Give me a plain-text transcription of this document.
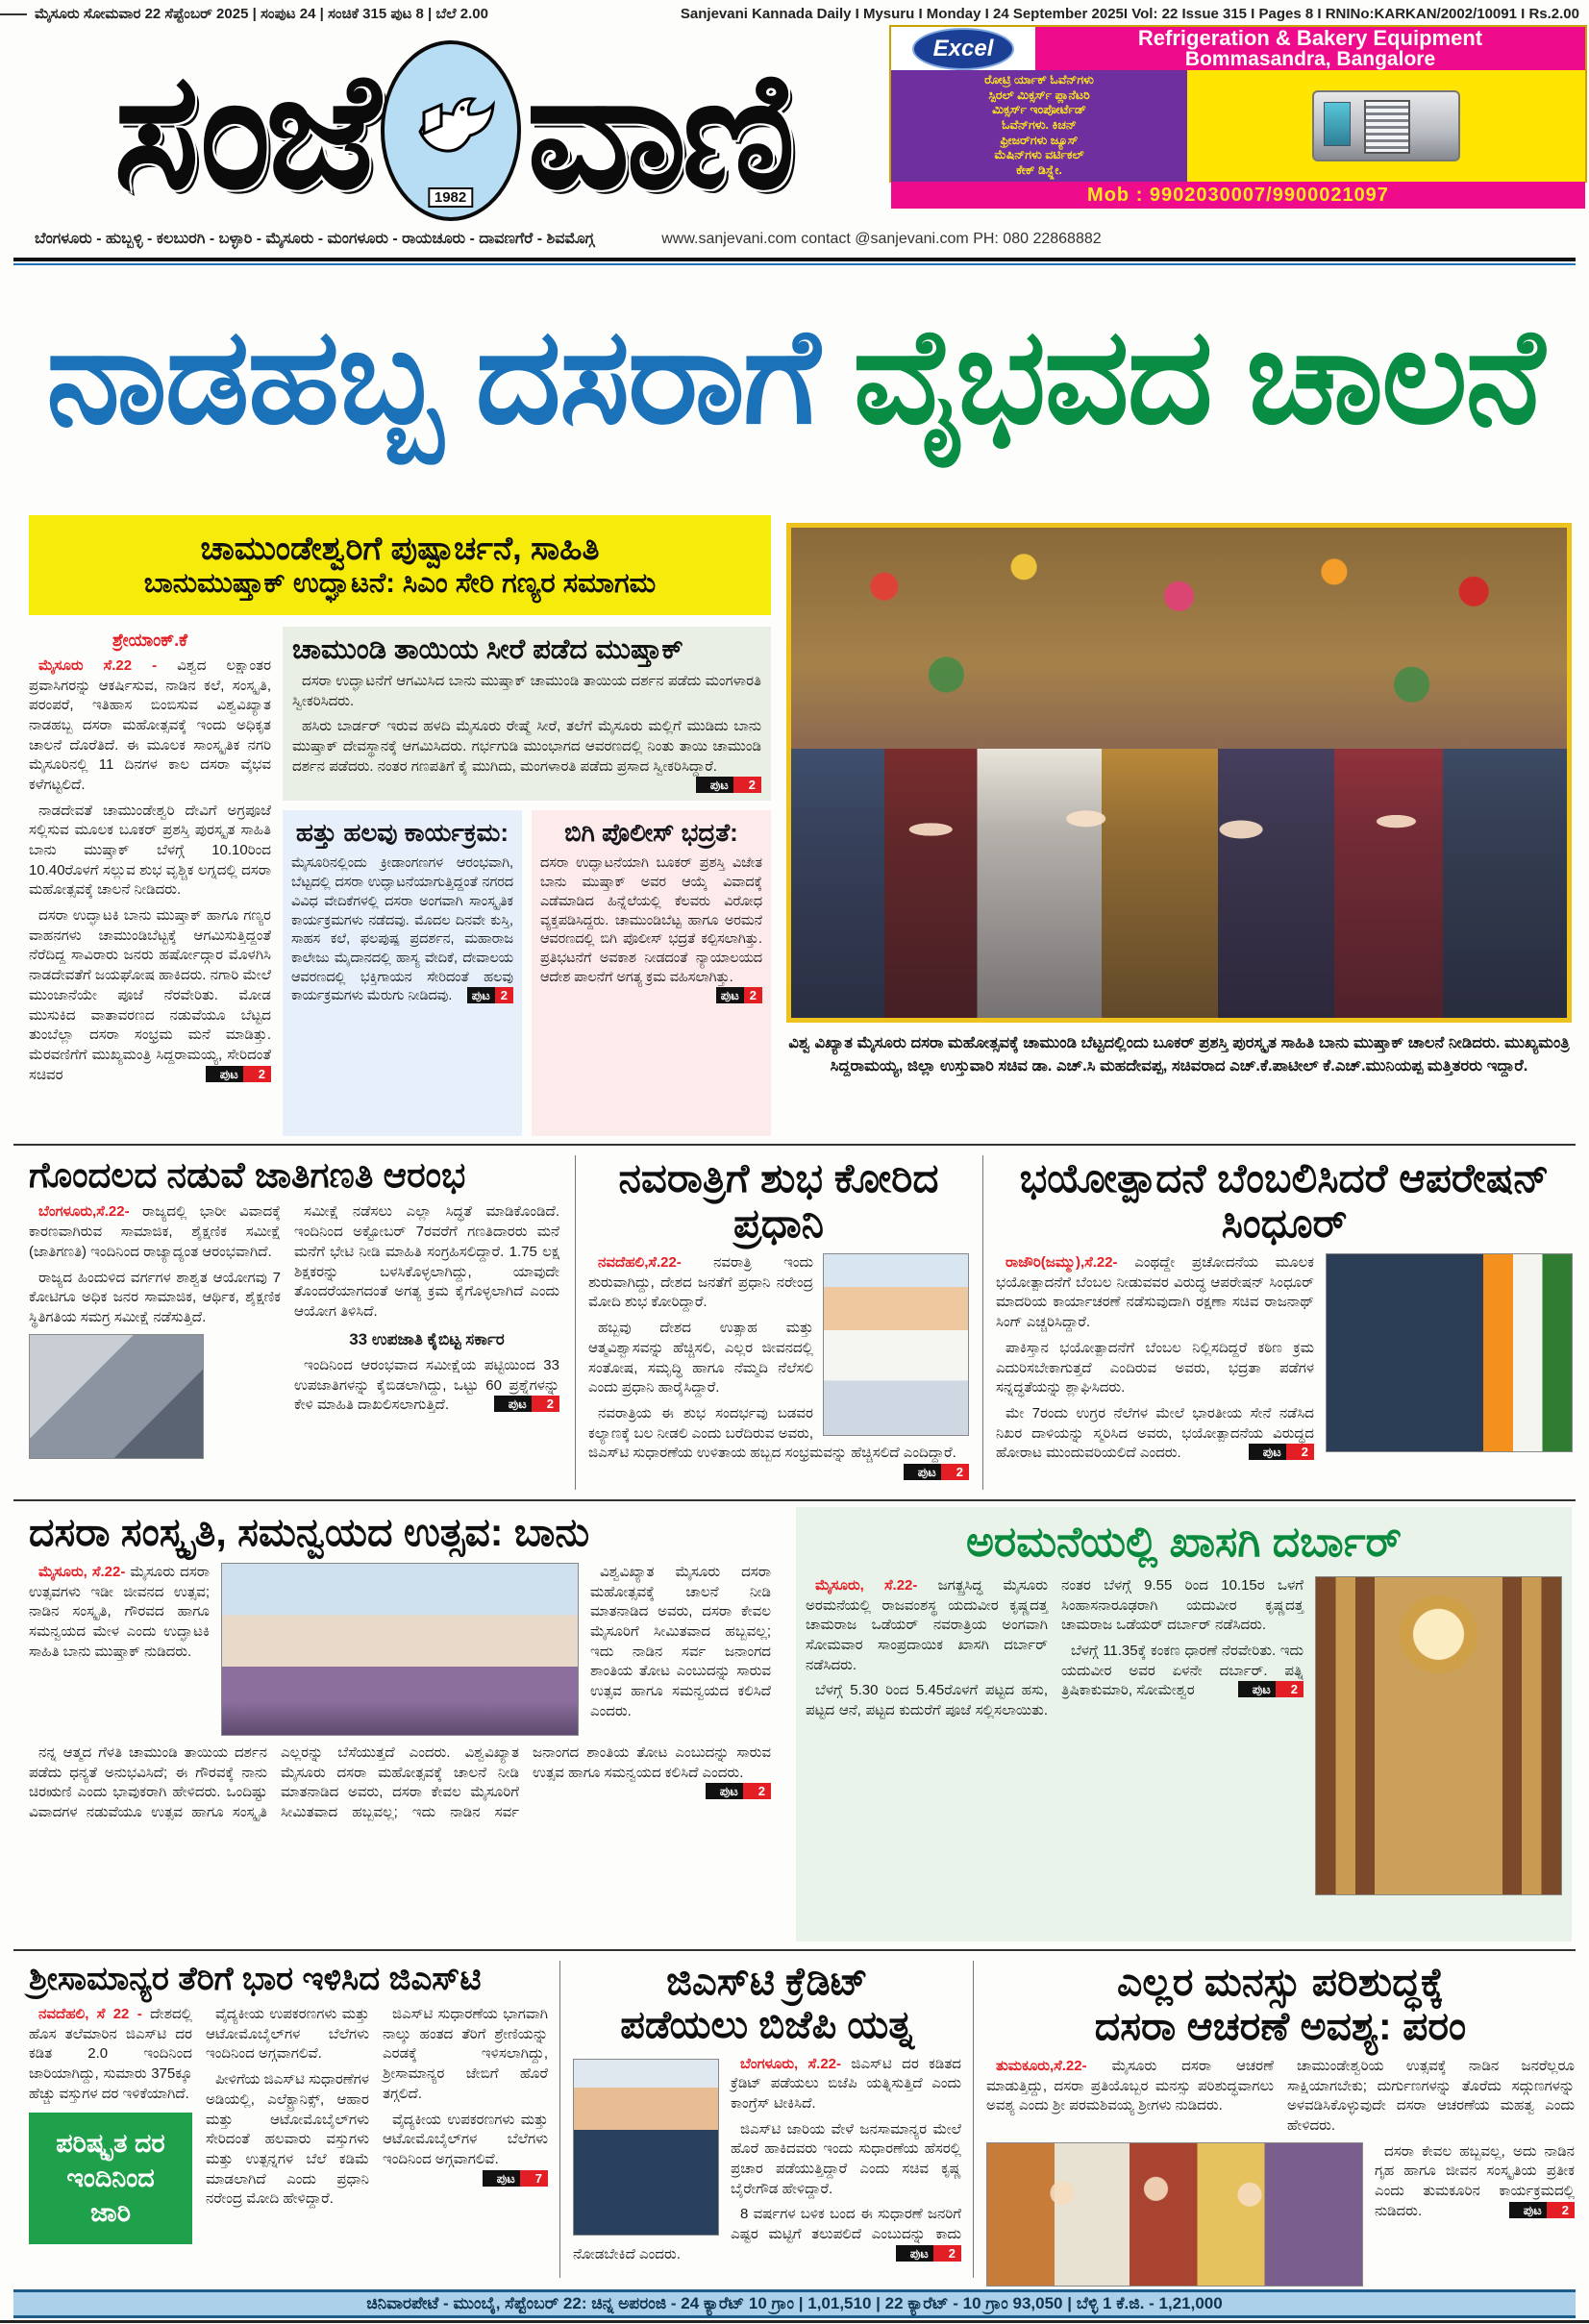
ಮೈಸೂರು ಸೋಮವಾರ 22 ಸೆಪ್ಟೆಂಬರ್ 2025 | ಸಂಪುಟ 24 | ಸಂಚಿಕೆ 315 ಪುಟ 8 | ಬೆಲೆ 2.00	Sanjevani Kannada Daily I Mysuru I Monday I 24 September 2025I Vol: 22 Issue 315 I Pages 8 I RNINo:KARKAN/2002/10091 I Rs.2.00
ಸಂಜೆ	1982 ವಾಣಿ	Excel	Refrigeration & Bakery Equipment
Bommasandra, Bangalore
ರೋಟ್ರಿ ರ್ಯಾಕ್ ಓವೆನ್‌ಗಳು
ಸ್ಪಿರಲ್ ಮಿಕ್ಸರ್ಸ್ ಪ್ಲಾನೆಟರಿ
ಮಿಕ್ಸರ್ಸ್ ಇಂಪೋರ್ಟೆಡ್
ಓವೆನ್‌ಗಳು. ಕಿಚನ್
ಫ್ರೀಜರ್‌ಗಳು ಜ್ಯೂಸ್
ಮೆಷಿನ್‌ಗಳು ವರ್ಟಿಕಲ್
ಕೇಕ್ ಡಿಸ್ಪ್ಲೇ.
Mob : 9902030007/9900021097
ಬೆಂಗಳೂರು - ಹುಬ್ಬಳ್ಳಿ - ಕಲಬುರಗಿ - ಬಳ್ಳಾರಿ - ಮೈಸೂರು - ಮಂಗಳೂರು - ರಾಯಚೂರು - ದಾವಣಗೆರೆ - ಶಿವಮೊಗ್ಗ	www.sanjevani.com contact @sanjevani.com PH: 080 22868882
ನಾಡಹಬ್ಬ ದಸರಾಗೆ ವೈಭವದ ಚಾಲನೆ
ಚಾಮುಂಡೇಶ್ವರಿಗೆ ಪುಷ್ಪಾರ್ಚನೆ, ಸಾಹಿತಿ
ಬಾನುಮುಷ್ತಾಕ್ ಉದ್ಘಾಟನೆ: ಸಿಎಂ ಸೇರಿ ಗಣ್ಯರ ಸಮಾಗಮ
ಶ್ರೇಯಾಂಕ್.ಕೆ

ಮೈಸೂರು ಸೆ.22 - ವಿಶ್ವದ ಲಕ್ಷಾಂತರ ಪ್ರವಾಸಿಗರನ್ನು ಆಕರ್ಷಿಸುವ, ನಾಡಿನ ಕಲೆ, ಸಂಸ್ಕೃತಿ, ಪರಂಪರೆ, ಇತಿಹಾಸ ಬಿಂಬಿಸುವ ವಿಶ್ವವಿಖ್ಯಾತ ನಾಡಹಬ್ಬ ದಸರಾ ಮಹೋತ್ಸವಕ್ಕೆ ಇಂದು ಅಧಿಕೃತ ಚಾಲನೆ ದೊರೆತಿದೆ. ಈ ಮೂಲಕ ಸಾಂಸ್ಕೃತಿಕ ನಗರಿ ಮೈಸೂರಿನಲ್ಲಿ 11 ದಿನಗಳ ಕಾಲ ದಸರಾ ವೈಭವ ಕಳೆಗಟ್ಟಲಿದೆ.

ನಾಡದೇವತೆ ಚಾಮುಂಡೇಶ್ವರಿ ದೇವಿಗೆ ಅಗ್ರಪೂಜೆ ಸಲ್ಲಿಸುವ ಮೂಲಕ ಬೂಕರ್ ಪ್ರಶಸ್ತಿ ಪುರಸ್ಕೃತ ಸಾಹಿತಿ ಬಾನು ಮುಷ್ತಾಕ್ ಬೆಳಗ್ಗೆ 10.10ರಿಂದ 10.40ರೊಳಗೆ ಸಲ್ಲುವ ಶುಭ ವೃಶ್ಚಿಕ ಲಗ್ನದಲ್ಲಿ ದಸರಾ ಮಹೋತ್ಸವಕ್ಕೆ ಚಾಲನೆ ನೀಡಿದರು.

ದಸರಾ ಉದ್ಘಾಟಕಿ ಬಾನು ಮುಷ್ತಾಕ್ ಹಾಗೂ ಗಣ್ಯರ ವಾಹನಗಳು ಚಾಮುಂಡಿಬೆಟ್ಟಕ್ಕೆ ಆಗಮಿಸುತ್ತಿದ್ದಂತೆ ನೆರೆದಿದ್ದ ಸಾವಿರಾರು ಜನರು ಹರ್ಷೋದ್ಗಾರ ಮೊಳಗಿಸಿ ನಾಡದೇವತೆಗೆ ಜಯಘೋಷ ಹಾಕಿದರು. ನಗಾರಿ ಮೇಲೆ ಮುಂಜಾನೆಯೇ ಪೂಜೆ ನೆರವೇರಿತು. ಮೋಡ ಮುಸುಕಿದ ವಾತಾವರಣದ ನಡುವೆಯೂ ಬೆಟ್ಟದ ತುಂಬೆಲ್ಲಾ ದಸರಾ ಸಂಭ್ರಮ ಮನೆ ಮಾಡಿತ್ತು. ಮೆರವಣಿಗೆಗೆ ಮುಖ್ಯಮಂತ್ರಿ ಸಿದ್ದರಾಮಯ್ಯ, ಸೇರಿದಂತೆ ಸಚಿವರ	ಪುಟ	2

ಚಾಮುಂಡಿ ತಾಯಿಯ ಸೀರೆ ಪಡೆದ ಮುಷ್ತಾಕ್

ದಸರಾ ಉದ್ಘಾಟನೆಗೆ ಆಗಮಿಸಿದ ಬಾನು ಮುಷ್ತಾಕ್ ಚಾಮುಂಡಿ ತಾಯಿಯ ದರ್ಶನ ಪಡೆದು ಮಂಗಳಾರತಿ ಸ್ವೀಕರಿಸಿದರು.

ಹಸಿರು ಬಾರ್ಡರ್ ಇರುವ ಹಳದಿ ಮೈಸೂರು ರೇಷ್ಮೆ ಸೀರೆ, ತಲೆಗೆ ಮೈಸೂರು ಮಲ್ಲಿಗೆ ಮುಡಿದು ಬಾನು ಮುಷ್ತಾಕ್ ದೇವಸ್ಥಾನಕ್ಕೆ ಆಗಮಿಸಿದರು. ಗರ್ಭಗುಡಿ ಮುಂಭಾಗದ ಆವರಣದಲ್ಲಿ ನಿಂತು ತಾಯಿ ಚಾಮುಂಡಿ ದರ್ಶನ ಪಡೆದರು. ನಂತರ ಗಣಪತಿಗೆ ಕೈ ಮುಗಿದು, ಮಂಗಳಾರತಿ ಪಡೆದು ಪ್ರಸಾದ ಸ್ವೀಕರಿಸಿದ್ದಾರೆ.
ಪುಟ	2

ಹತ್ತು ಹಲವು ಕಾರ್ಯಕ್ರಮ:
ಮೈಸೂರಿನಲ್ಲಿಂದು ಕ್ರೀಡಾಂಗಣಗಳ ಆರಂಭವಾಗಿ, ಬೆಟ್ಟದಲ್ಲಿ ದಸರಾ ಉದ್ಘಾಟನೆಯಾಗುತ್ತಿದ್ದಂತೆ ನಗರದ ವಿವಿಧ ವೇದಿಕೆಗಳಲ್ಲಿ ದಸರಾ ಅಂಗವಾಗಿ ಸಾಂಸ್ಕೃತಿಕ ಕಾರ್ಯಕ್ರಮಗಳು ನಡೆದವು. ಮೊದಲ ದಿನವೇ ಕುಸ್ತಿ, ಸಾಹಸ ಕಲೆ, ಫಲಪುಷ್ಪ ಪ್ರದರ್ಶನ, ಮಹಾರಾಜ ಕಾಲೇಜು ಮೈದಾನದಲ್ಲಿ ಹಾಸ್ಯ ವೇದಿಕೆ, ದೇವಾಲಯ ಆವರಣದಲ್ಲಿ ಭಕ್ತಿಗಾಯನ ಸೇರಿದಂತೆ ಹಲವು ಕಾರ್ಯಕ್ರಮಗಳು ಮೆರುಗು ನೀಡಿದವು.	ಪುಟ 2
ಬಿಗಿ ಪೊಲೀಸ್ ಭದ್ರತೆ:
ದಸರಾ ಉದ್ಘಾಟನೆಯಾಗಿ ಬೂಕರ್ ಪ್ರಶಸ್ತಿ ವಿಜೇತ ಬಾನು ಮುಷ್ತಾಕ್ ಅವರ ಆಯ್ಕೆ ವಿವಾದಕ್ಕೆ ಎಡೆಮಾಡಿದ ಹಿನ್ನೆಲೆಯಲ್ಲಿ ಕೆಲವರು ವಿರೋಧ ವ್ಯಕ್ತಪಡಿಸಿದ್ದರು. ಚಾಮುಂಡಿಬೆಟ್ಟ ಹಾಗೂ ಅರಮನೆ ಆವರಣದಲ್ಲಿ ಬಿಗಿ ಪೊಲೀಸ್ ಭದ್ರತೆ ಕಲ್ಪಿಸಲಾಗಿತ್ತು. ಪ್ರತಿಭಟನೆಗೆ ಅವಕಾಶ ನೀಡದಂತೆ ನ್ಯಾಯಾಲಯದ ಆದೇಶ ಪಾಲನೆಗೆ ಅಗತ್ಯ ಕ್ರಮ ವಹಿಸಲಾಗಿತ್ತು.
ಪುಟ 2
ವಿಶ್ವ ವಿಖ್ಯಾತ ಮೈಸೂರು ದಸರಾ ಮಹೋತ್ಸವಕ್ಕೆ ಚಾಮುಂಡಿ ಬೆಟ್ಟದಲ್ಲಿಂದು ಬೂಕರ್ ಪ್ರಶಸ್ತಿ ಪುರಸ್ಕೃತ ಸಾಹಿತಿ ಬಾನು ಮುಷ್ತಾಕ್ ಚಾಲನೆ ನೀಡಿದರು. ಮುಖ್ಯಮಂತ್ರಿ ಸಿದ್ದರಾಮಯ್ಯ, ಜಿಲ್ಲಾ ಉಸ್ತುವಾರಿ ಸಚಿವ ಡಾ. ಎಚ್.ಸಿ ಮಹದೇವಪ್ಪ, ಸಚಿವರಾದ ಎಚ್.ಕೆ.ಪಾಟೀಲ್ ಕೆ.ಎಚ್.ಮುನಿಯಪ್ಪ ಮತ್ತಿತರರು ಇದ್ದಾರೆ.
ಗೊಂದಲದ ನಡುವೆ ಜಾತಿಗಣತಿ ಆರಂಭ

ಬೆಂಗಳೂರು,ಸೆ.22- ರಾಜ್ಯದಲ್ಲಿ ಭಾರೀ ವಿವಾದಕ್ಕೆ ಕಾರಣವಾಗಿರುವ ಸಾಮಾಜಿಕ, ಶೈಕ್ಷಣಿಕ ಸಮೀಕ್ಷೆ (ಜಾತಿಗಣತಿ) ಇಂದಿನಿಂದ ರಾಜ್ಯಾದ್ಯಂತ ಆರಂಭವಾಗಿದೆ.

ರಾಜ್ಯದ ಹಿಂದುಳಿದ ವರ್ಗಗಳ ಶಾಶ್ವತ ಆಯೋಗವು 7 ಕೋಟಿಗೂ ಅಧಿಕ ಜನರ ಸಾಮಾಜಿಕ, ಆರ್ಥಿಕ, ಶೈಕ್ಷಣಿಕ ಸ್ಥಿತಿಗತಿಯ ಸಮಗ್ರ ಸಮೀಕ್ಷೆ ನಡೆಸುತ್ತಿದೆ.

ಸಮೀಕ್ಷೆ ನಡೆಸಲು ಎಲ್ಲಾ ಸಿದ್ಧತೆ ಮಾಡಿಕೊಂಡಿದೆ. ಇಂದಿನಿಂದ ಅಕ್ಟೋಬರ್ 7ರವರೆಗೆ ಗಣತಿದಾರರು ಮನೆ ಮನೆಗೆ ಭೇಟಿ ನೀಡಿ ಮಾಹಿತಿ ಸಂಗ್ರಹಿಸಲಿದ್ದಾರೆ. 1.75 ಲಕ್ಷ ಶಿಕ್ಷಕರನ್ನು ಬಳಸಿಕೊಳ್ಳಲಾಗಿದ್ದು, ಯಾವುದೇ ತೊಂದರೆಯಾಗದಂತೆ ಅಗತ್ಯ ಕ್ರಮ ಕೈಗೊಳ್ಳಲಾಗಿದೆ ಎಂದು ಆಯೋಗ ತಿಳಿಸಿದೆ.

33 ಉಪಜಾತಿ ಕೈಬಿಟ್ಟ ಸರ್ಕಾರ

ಇಂದಿನಿಂದ ಆರಂಭವಾದ ಸಮೀಕ್ಷೆಯ ಪಟ್ಟಿಯಿಂದ 33 ಉಪಜಾತಿಗಳನ್ನು ಕೈಬಿಡಲಾಗಿದ್ದು, ಒಟ್ಟು 60 ಪ್ರಶ್ನೆಗಳನ್ನು ಕೇಳಿ ಮಾಹಿತಿ ದಾಖಲಿಸಲಾಗುತ್ತಿದೆ.	ಪುಟ	2

ನವರಾತ್ರಿಗೆ ಶುಭ ಕೋರಿದ ಪ್ರಧಾನಿ

ನವದೆಹಲಿ,ಸೆ.22- ನವರಾತ್ರಿ ಇಂದು ಶುರುವಾಗಿದ್ದು, ದೇಶದ ಜನತೆಗೆ ಪ್ರಧಾನಿ ನರೇಂದ್ರ ಮೋದಿ ಶುಭ ಕೋರಿದ್ದಾರೆ.

ಹಬ್ಬವು ದೇಶದ ಉತ್ಸಾಹ ಮತ್ತು ಆತ್ಮವಿಶ್ವಾಸವನ್ನು ಹೆಚ್ಚಿಸಲಿ, ಎಲ್ಲರ ಜೀವನದಲ್ಲಿ ಸಂತೋಷ, ಸಮೃದ್ಧಿ ಹಾಗೂ ನೆಮ್ಮದಿ ನೆಲೆಸಲಿ ಎಂದು ಪ್ರಧಾನಿ ಹಾರೈಸಿದ್ದಾರೆ.

ನವರಾತ್ರಿಯ ಈ ಶುಭ ಸಂದರ್ಭವು ಬಡವರ ಕಲ್ಯಾಣಕ್ಕೆ ಬಲ ನೀಡಲಿ ಎಂದು ಬರೆದಿರುವ ಅವರು, ಜಿಎಸ್‌ಟಿ ಸುಧಾರಣೆಯ ಉಳಿತಾಯ ಹಬ್ಬದ ಸಂಭ್ರಮವನ್ನು ಹೆಚ್ಚಿಸಲಿದೆ ಎಂದಿದ್ದಾರೆ.
ಪುಟ	2

ಭಯೋತ್ಪಾದನೆ ಬೆಂಬಲಿಸಿದರೆ ಆಪರೇಷನ್ ಸಿಂಧೂರ್

ರಾಜೌರಿ(ಜಮ್ಮು),ಸೆ.22- ಎಂಥದ್ದೇ ಪ್ರಚೋದನೆಯ ಮೂಲಕ ಭಯೋತ್ಪಾದನೆಗೆ ಬೆಂಬಲ ನೀಡುವವರ ವಿರುದ್ಧ ಆಪರೇಷನ್ ಸಿಂಧೂರ್ ಮಾದರಿಯ ಕಾರ್ಯಾಚರಣೆ ನಡೆಸುವುದಾಗಿ ರಕ್ಷಣಾ ಸಚಿವ ರಾಜನಾಥ್ ಸಿಂಗ್ ಎಚ್ಚರಿಸಿದ್ದಾರೆ.

ಪಾಕಿಸ್ತಾನ ಭಯೋತ್ಪಾದನೆಗೆ ಬೆಂಬಲ ನಿಲ್ಲಿಸದಿದ್ದರೆ ಕಠಿಣ ಕ್ರಮ ಎದುರಿಸಬೇಕಾಗುತ್ತದೆ ಎಂದಿರುವ ಅವರು, ಭದ್ರತಾ ಪಡೆಗಳ ಸನ್ನದ್ಧತೆಯನ್ನು ಶ್ಲಾಘಿಸಿದರು.

ಮೇ 7ರಂದು ಉಗ್ರರ ನೆಲೆಗಳ ಮೇಲೆ ಭಾರತೀಯ ಸೇನೆ ನಡೆಸಿದ ನಿಖರ ದಾಳಿಯನ್ನು ಸ್ಮರಿಸಿದ ಅವರು, ಭಯೋತ್ಪಾದನೆಯ ವಿರುದ್ಧದ ಹೋರಾಟ ಮುಂದುವರಿಯಲಿದೆ ಎಂದರು.	ಪುಟ	2

ದಸರಾ ಸಂಸ್ಕೃತಿ, ಸಮನ್ವಯದ ಉತ್ಸವ: ಬಾನು

ಮೈಸೂರು, ಸೆ.22- ಮೈಸೂರು ದಸರಾ ಉತ್ಸವಗಳು ಇಡೀ ಜೀವನದ ಉತ್ಸವ; ನಾಡಿನ ಸಂಸ್ಕೃತಿ, ಗೌರವದ ಹಾಗೂ ಸಮನ್ವಯದ ಮೇಳ ಎಂದು ಉದ್ಘಾಟಕಿ ಸಾಹಿತಿ ಬಾನು ಮುಷ್ತಾಕ್ ನುಡಿದರು.

ವಿಶ್ವವಿಖ್ಯಾತ ಮೈಸೂರು ದಸರಾ ಮಹೋತ್ಸವಕ್ಕೆ ಚಾಲನೆ ನೀಡಿ ಮಾತನಾಡಿದ ಅವರು, ದಸರಾ ಕೇವಲ ಮೈಸೂರಿಗೆ ಸೀಮಿತವಾದ ಹಬ್ಬವಲ್ಲ; ಇದು ನಾಡಿನ ಸರ್ವ ಜನಾಂಗದ ಶಾಂತಿಯ ತೋಟ ಎಂಬುದನ್ನು ಸಾರುವ ಉತ್ಸವ ಹಾಗೂ ಸಮನ್ವಯದ ಕಲಿಸಿದೆ ಎಂದರು.

ನನ್ನ ಆತ್ಮದ ಗೆಳತಿ ಚಾಮುಂಡಿ ತಾಯಿಯ ದರ್ಶನ ಪಡೆದು ಧನ್ಯತೆ ಅನುಭವಿಸಿದೆ; ಈ ಗೌರವಕ್ಕೆ ನಾನು ಚಿರಋಣಿ ಎಂದು ಭಾವುಕರಾಗಿ ಹೇಳಿದರು. ಒಂದಿಷ್ಟು ವಿವಾದಗಳ ನಡುವೆಯೂ ಉತ್ಸವ ಹಾಗೂ ಸಂಸ್ಕೃತಿ ಎಲ್ಲರನ್ನು ಬೆಸೆಯುತ್ತದೆ ಎಂದರು. ವಿಶ್ವವಿಖ್ಯಾತ ಮೈಸೂರು ದಸರಾ ಮಹೋತ್ಸವಕ್ಕೆ ಚಾಲನೆ ನೀಡಿ ಮಾತನಾಡಿದ ಅವರು, ದಸರಾ ಕೇವಲ ಮೈಸೂರಿಗೆ ಸೀಮಿತವಾದ ಹಬ್ಬವಲ್ಲ; ಇದು ನಾಡಿನ ಸರ್ವ ಜನಾಂಗದ ಶಾಂತಿಯ ತೋಟ ಎಂಬುದನ್ನು ಸಾರುವ ಉತ್ಸವ ಹಾಗೂ ಸಮನ್ವಯದ ಕಲಿಸಿದೆ ಎಂದರು.
ಪುಟ	2

ಅರಮನೆಯಲ್ಲಿ ಖಾಸಗಿ ದರ್ಬಾರ್

ಮೈಸೂರು, ಸೆ.22- ಜಗತ್ಪ್ರಸಿದ್ಧ ಮೈಸೂರು ಅರಮನೆಯಲ್ಲಿ ರಾಜವಂಶಸ್ಥ ಯದುವೀರ ಕೃಷ್ಣದತ್ತ ಚಾಮರಾಜ ಒಡೆಯರ್ ನವರಾತ್ರಿಯ ಅಂಗವಾಗಿ ಸೋಮವಾರ ಸಾಂಪ್ರದಾಯಿಕ ಖಾಸಗಿ ದರ್ಬಾರ್ ನಡೆಸಿದರು.

ಬೆಳಗ್ಗೆ 5.30 ರಿಂದ 5.45ರೊಳಗೆ ಪಟ್ಟದ ಹಸು, ಪಟ್ಟದ ಆನೆ, ಪಟ್ಟದ ಕುದುರೆಗೆ ಪೂಜೆ ಸಲ್ಲಿಸಲಾಯಿತು. ನಂತರ ಬೆಳಗ್ಗೆ 9.55 ರಿಂದ 10.15ರ ಒಳಗೆ ಸಿಂಹಾಸನಾರೂಢರಾಗಿ ಯದುವೀರ ಕೃಷ್ಣದತ್ತ ಚಾಮರಾಜ ಒಡೆಯರ್ ದರ್ಬಾರ್ ನಡೆಸಿದರು.

ಬೆಳಗ್ಗೆ 11.35ಕ್ಕೆ ಕಂಕಣ ಧಾರಣೆ ನೆರವೇರಿತು. ಇದು ಯದುವೀರ ಅವರ ಏಳನೇ ದರ್ಬಾರ್. ಪತ್ನಿ ತ್ರಿಷಿಕಾಕುಮಾರಿ, ಸೋಮೇಶ್ವರ	ಪುಟ	2

ಶ್ರೀಸಾಮಾನ್ಯರ ತೆರಿಗೆ ಭಾರ ಇಳಿಸಿದ ಜಿಎಸ್‌ಟಿ

ನವದೆಹಲಿ, ಸೆ 22 - ದೇಶದಲ್ಲಿ ಹೊಸ ತಲೆಮಾರಿನ ಜಿಎಸ್‌ಟಿ ದರ ಕಡಿತ 2.0 ಇಂದಿನಿಂದ ಜಾರಿಯಾಗಿದ್ದು, ಸುಮಾರು 375ಕ್ಕೂ ಹೆಚ್ಚು ವಸ್ತುಗಳ ದರ ಇಳಿಕೆಯಾಗಿದೆ.

ಪರಿಷ್ಕೃತ ದರ
ಇಂದಿನಿಂದ
ಜಾರಿ

ವೈದ್ಯಕೀಯ ಉಪಕರಣಗಳು ಮತ್ತು ಆಟೋಮೊಬೈಲ್‌ಗಳ ಬೆಲೆಗಳು ಇಂದಿನಿಂದ ಅಗ್ಗವಾಗಲಿವೆ.

ಪೀಳಿಗೆಯ ಜಿಎಸ್‌ಟಿ ಸುಧಾರಣೆಗಳ ಅಡಿಯಲ್ಲಿ, ಎಲೆಕ್ಟ್ರಾನಿಕ್ಸ್, ಆಹಾರ ಮತ್ತು ಆಟೋಮೊಬೈಲ್‌ಗಳು ಸೇರಿದಂತೆ ಹಲವಾರು ವಸ್ತುಗಳು ಮತ್ತು ಉತ್ಪನ್ನಗಳ ಬೆಲೆ ಕಡಿಮೆ ಮಾಡಲಾಗಿದೆ ಎಂದು ಪ್ರಧಾನಿ ನರೇಂದ್ರ ಮೋದಿ ಹೇಳಿದ್ದಾರೆ.

ಜಿಎಸ್‌ಟಿ ಸುಧಾರಣೆಯ ಭಾಗವಾಗಿ ನಾಲ್ಕು ಹಂತದ ತೆರಿಗೆ ಶ್ರೇಣಿಯನ್ನು ಎರಡಕ್ಕೆ ಇಳಿಸಲಾಗಿದ್ದು, ಶ್ರೀಸಾಮಾನ್ಯರ ಜೇಬಿಗೆ ಹೊರೆ ತಗ್ಗಲಿದೆ.

ವೈದ್ಯಕೀಯ ಉಪಕರಣಗಳು ಮತ್ತು ಆಟೋಮೊಬೈಲ್‌ಗಳ ಬೆಲೆಗಳು ಇಂದಿನಿಂದ ಅಗ್ಗವಾಗಲಿವೆ.
ಪುಟ	7

ಜಿಎಸ್‌ಟಿ ಕ್ರೆಡಿಟ್
ಪಡೆಯಲು ಬಿಜೆಪಿ ಯತ್ನ

ಬೆಂಗಳೂರು, ಸೆ.22- ಜಿಎಸ್‌ಟಿ ದರ ಕಡಿತದ ಕ್ರೆಡಿಟ್ ಪಡೆಯಲು ಬಿಜೆಪಿ ಯತ್ನಿಸುತ್ತಿದೆ ಎಂದು ಕಾಂಗ್ರೆಸ್ ಟೀಕಿಸಿದೆ.

ಜಿಎಸ್‌ಟಿ ಜಾರಿಯ ವೇಳೆ ಜನಸಾಮಾನ್ಯರ ಮೇಲೆ ಹೊರೆ ಹಾಕಿದವರು ಇಂದು ಸುಧಾರಣೆಯ ಹೆಸರಲ್ಲಿ ಪ್ರಚಾರ ಪಡೆಯುತ್ತಿದ್ದಾರೆ ಎಂದು ಸಚಿವ ಕೃಷ್ಣ ಬೈರೇಗೌಡ ಹೇಳಿದ್ದಾರೆ.

8 ವರ್ಷಗಳ ಬಳಿಕ ಬಂದ ಈ ಸುಧಾರಣೆ ಜನರಿಗೆ ಎಷ್ಟರ ಮಟ್ಟಿಗೆ ತಲುಪಲಿದೆ ಎಂಬುದನ್ನು ಕಾದು ನೋಡಬೇಕಿದೆ ಎಂದರು.	ಪುಟ	2

ಎಲ್ಲರ ಮನಸ್ಸು ಪರಿಶುದ್ಧಕ್ಕೆ
ದಸರಾ ಆಚರಣೆ ಅವಶ್ಯ: ಪರಂ

ತುಮಕೂರು,ಸೆ.22- ಮೈಸೂರು ದಸರಾ ಆಚರಣೆ ಮಾಡುತ್ತಿದ್ದು, ದಸರಾ ಪ್ರತಿಯೊಬ್ಬರ ಮನಸ್ಸು ಪರಿಶುದ್ಧವಾಗಲು ಅವಶ್ಯ ಎಂದು ಶ್ರೀ ಪರಮಶಿವಯ್ಯ ಶ್ರೀಗಳು ನುಡಿದರು.

ಚಾಮುಂಡೇಶ್ವರಿಯ ಉತ್ಸವಕ್ಕೆ ನಾಡಿನ ಜನರೆಲ್ಲರೂ ಸಾಕ್ಷಿಯಾಗಬೇಕು; ದುರ್ಗುಣಗಳನ್ನು ತೊರೆದು ಸದ್ಗುಣಗಳನ್ನು ಅಳವಡಿಸಿಕೊಳ್ಳುವುದೇ ದಸರಾ ಆಚರಣೆಯ ಮಹತ್ವ ಎಂದು ಹೇಳಿದರು.

ದಸರಾ ಕೇವಲ ಹಬ್ಬವಲ್ಲ, ಅದು ನಾಡಿನ ಗೃಹ ಹಾಗೂ ಜೀವನ ಸಂಸ್ಕೃತಿಯ ಪ್ರತೀಕ ಎಂದು ತುಮಕೂರಿನ ಕಾರ್ಯಕ್ರಮದಲ್ಲಿ ನುಡಿದರು.	ಪುಟ	2

ಚಿನಿವಾರಪೇಟೆ - ಮುಂಬೈ, ಸೆಪ್ಟೆಂಬರ್ 22: ಚಿನ್ನ ಅಪರಂಜಿ - 24 ಕ್ಯಾರೆಟ್ 10 ಗ್ರಾಂ | 1,01,510 | 22 ಕ್ಯಾರೆಟ್ - 10 ಗ್ರಾಂ 93,050 | ಬೆಳ್ಳಿ 1 ಕೆ.ಜಿ. - 1,21,000
